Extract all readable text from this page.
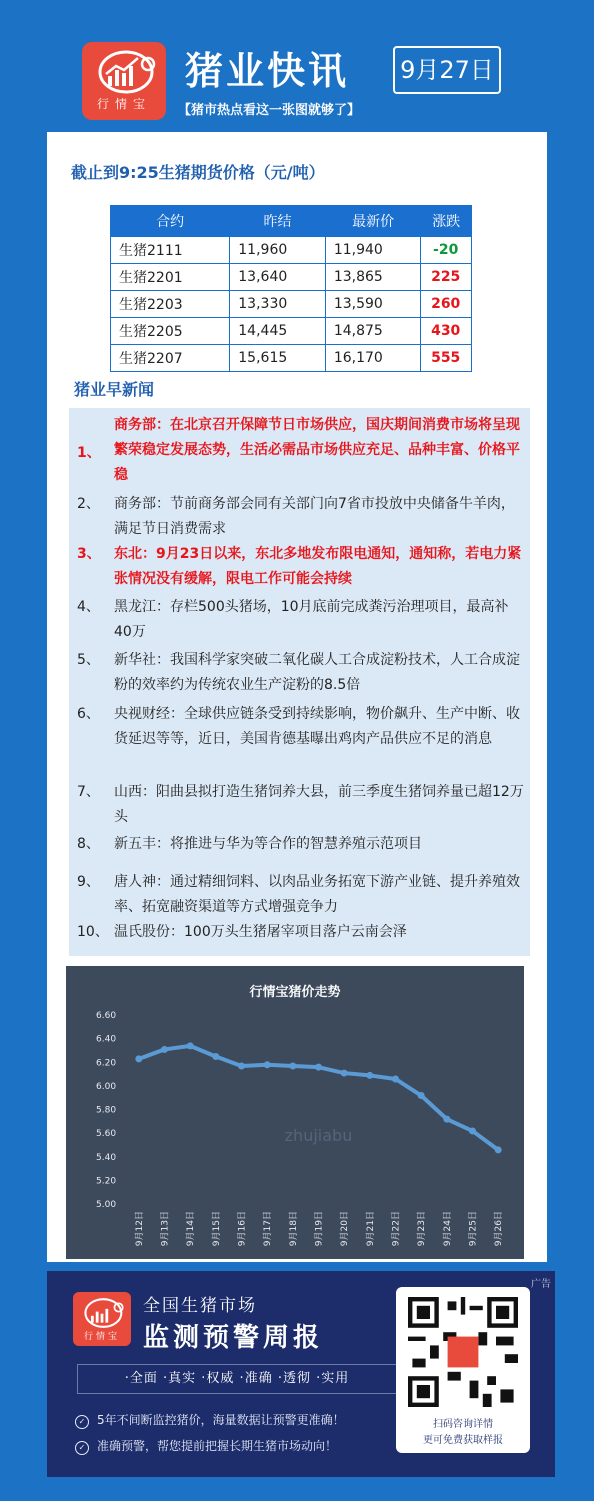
行情宝
猪业快讯 9月27日
【猪市热点看这一张图就够了】
截止到9:25生猪期货价格（元/吨）
合约	昨结	最新价	涨跌
生猪2111	11,960	11,940	-20
生猪2201	13,640	13,865	225
生猪2203	13,330	13,590	260
生猪2205	14,445	14,875	430
生猪2207	15,615	16,170	555
猪业早新闻
1、
商务部：在北京召开保障节日市场供应，国庆期间消费市场将呈现繁荣稳定发展态势，生活必需品市场供应充足、品种丰富、价格平稳
2、	商务部：节前商务部会同有关部门向7省市投放中央储备牛羊肉，满足节日消费需求
3、 东北：9月23日以来，东北多地发布限电通知，通知称，若电力紧张情况没有缓解，限电工作可能会持续
4、	黑龙江：存栏500头猪场，10月底前完成粪污治理项目，最高补40万
5、	新华社：我国科学家突破二氧化碳人工合成淀粉技术，人工合成淀粉的效率约为传统农业生产淀粉的8.5倍
6、	央视财经：全球供应链条受到持续影响，物价飙升、生产中断、收货延迟等等，近日，美国肯德基曝出鸡肉产品供应不足的消息
7、	山西：阳曲县拟打造生猪饲养大县，前三季度生猪饲养量已超12万头
8、	新五丰：将推进与华为等合作的智慧养殖示范项目
9、	唐人神：通过精细饲料、以肉品业务拓宽下游产业链、提升养殖效率、拓宽融资渠道等方式增强竞争力
10、 温氏股份：100万头生猪屠宰项目落户云南会泽
行情宝猪价走势
zhujiabu
6.60
6.40
6.20
6.00
5.80
5.60
5.40
5.20
5.00
9月12日 9月13日 9月14日 9月15日 9月16日 9月17日 9月18日 9月19日 9月20日 9月21日 9月22日 9月23日 9月24日 9月25日 9月26日
广告
行情宝
全国生猪市场
监测预警周报
·全面 ·真实 ·权威 ·准确 ·透彻 ·实用
✓ 5年不间断监控猪价，海量数据让预警更准确！
✓ 准确预警，帮您提前把握长期生猪市场动向！
扫码咨询详情
更可免费获取样报
